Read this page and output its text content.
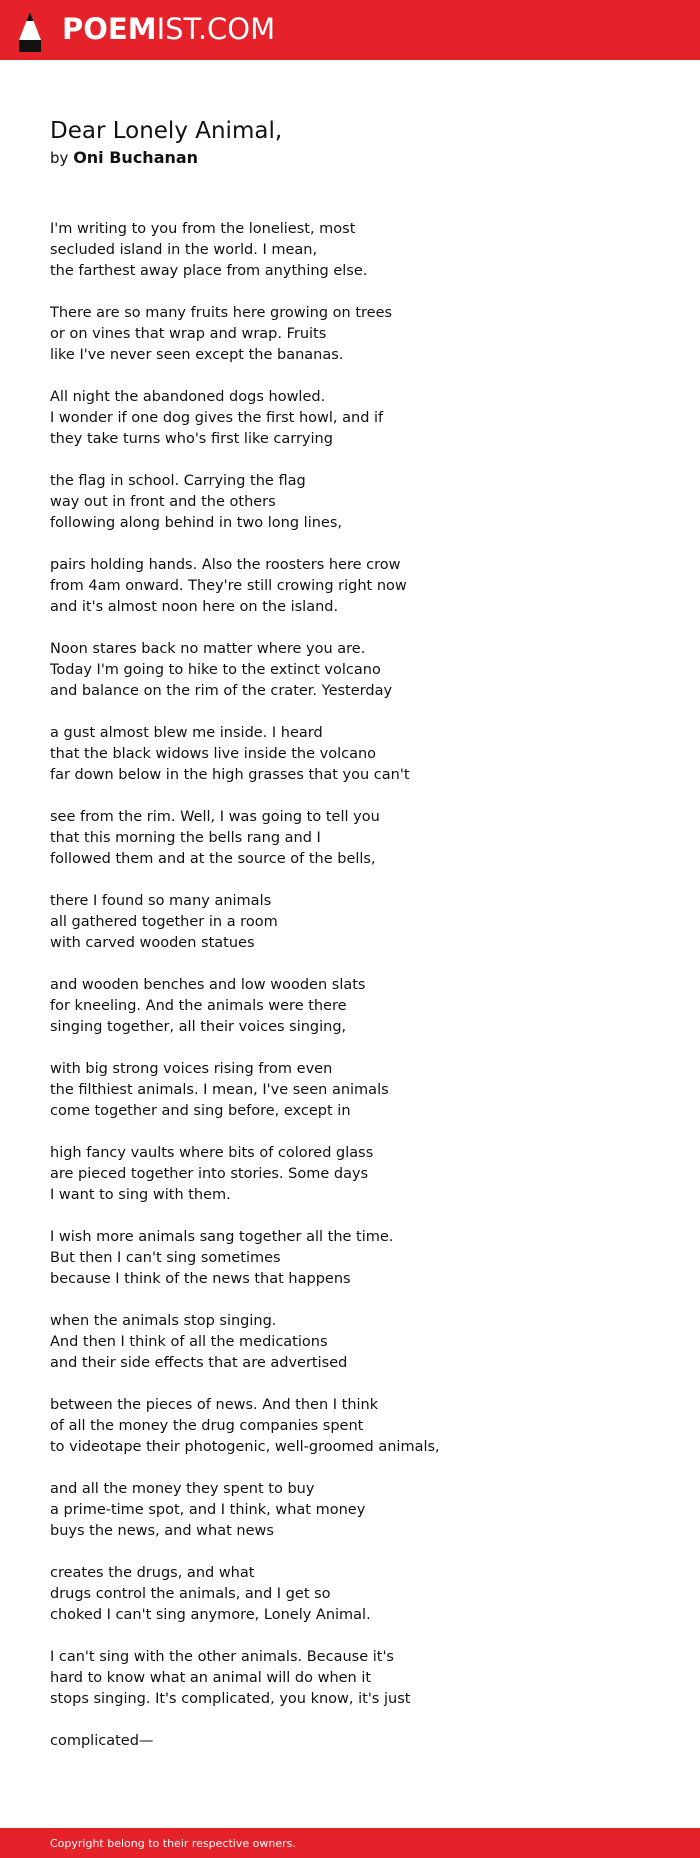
POEMIST.COM
Dear Lonely Animal,
by Oni Buchanan
I'm writing to you from the loneliest, most
secluded island in the world. I mean,
the farthest away place from anything else.
There are so many fruits here growing on trees
or on vines that wrap and wrap. Fruits
like I've never seen except the bananas.
All night the abandoned dogs howled.
I wonder if one dog gives the first howl, and if
they take turns who's first like carrying
the flag in school. Carrying the flag
way out in front and the others
following along behind in two long lines,
pairs holding hands. Also the roosters here crow
from 4am onward. They're still crowing right now
and it's almost noon here on the island.
Noon stares back no matter where you are.
Today I'm going to hike to the extinct volcano
and balance on the rim of the crater. Yesterday
a gust almost blew me inside. I heard
that the black widows live inside the volcano
far down below in the high grasses that you can't
see from the rim. Well, I was going to tell you
that this morning the bells rang and I
followed them and at the source of the bells,
there I found so many animals
all gathered together in a room
with carved wooden statues
and wooden benches and low wooden slats
for kneeling. And the animals were there
singing together, all their voices singing,
with big strong voices rising from even
the filthiest animals. I mean, I've seen animals
come together and sing before, except in
high fancy vaults where bits of colored glass
are pieced together into stories. Some days
I want to sing with them.
I wish more animals sang together all the time.
But then I can't sing sometimes
because I think of the news that happens
when the animals stop singing.
And then I think of all the medications
and their side effects that are advertised
between the pieces of news. And then I think
of all the money the drug companies spent
to videotape their photogenic, well-groomed animals,
and all the money they spent to buy
a prime-time spot, and I think, what money
buys the news, and what news
creates the drugs, and what
drugs control the animals, and I get so
choked I can't sing anymore, Lonely Animal.
I can't sing with the other animals. Because it's
hard to know what an animal will do when it
stops singing. It's complicated, you know, it's just
complicated—
Copyright belong to their respective owners.
